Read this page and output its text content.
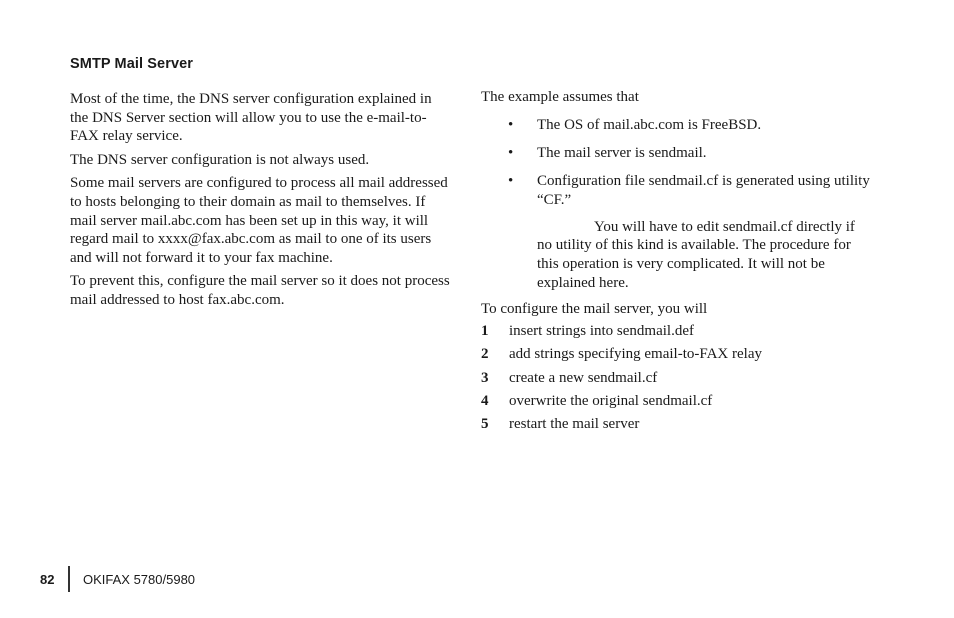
SMTP Mail Server

Most of the time, the DNS server configuration explained in the DNS Server section will allow you to use the e-mail-to-FAX relay service.

The DNS server configuration is not always used.

Some mail servers are configured to process all mail addressed to hosts belonging to their domain as mail to themselves. If mail server mail.abc.com has been set up in this way, it will regard mail to xxxx@fax.abc.com as mail to one of its users and will not forward it to your fax machine.

To prevent this, configure the mail server so it does not process mail addressed to host fax.abc.com.

The example assumes that

• The OS of mail.abc.com is FreeBSD.
• The mail server is sendmail.
• Configuration file sendmail.cf is generated using utility “CF.”

You will have to edit sendmail.cf directly if no utility of this kind is available. The procedure for this operation is very complicated. It will not be explained here.

To configure the mail server, you will

1 insert strings into sendmail.def
2 add strings specifying email-to-FAX relay
3 create a new sendmail.cf
4 overwrite the original sendmail.cf
5 restart the mail server
82	OKIFAX 5780/5980
